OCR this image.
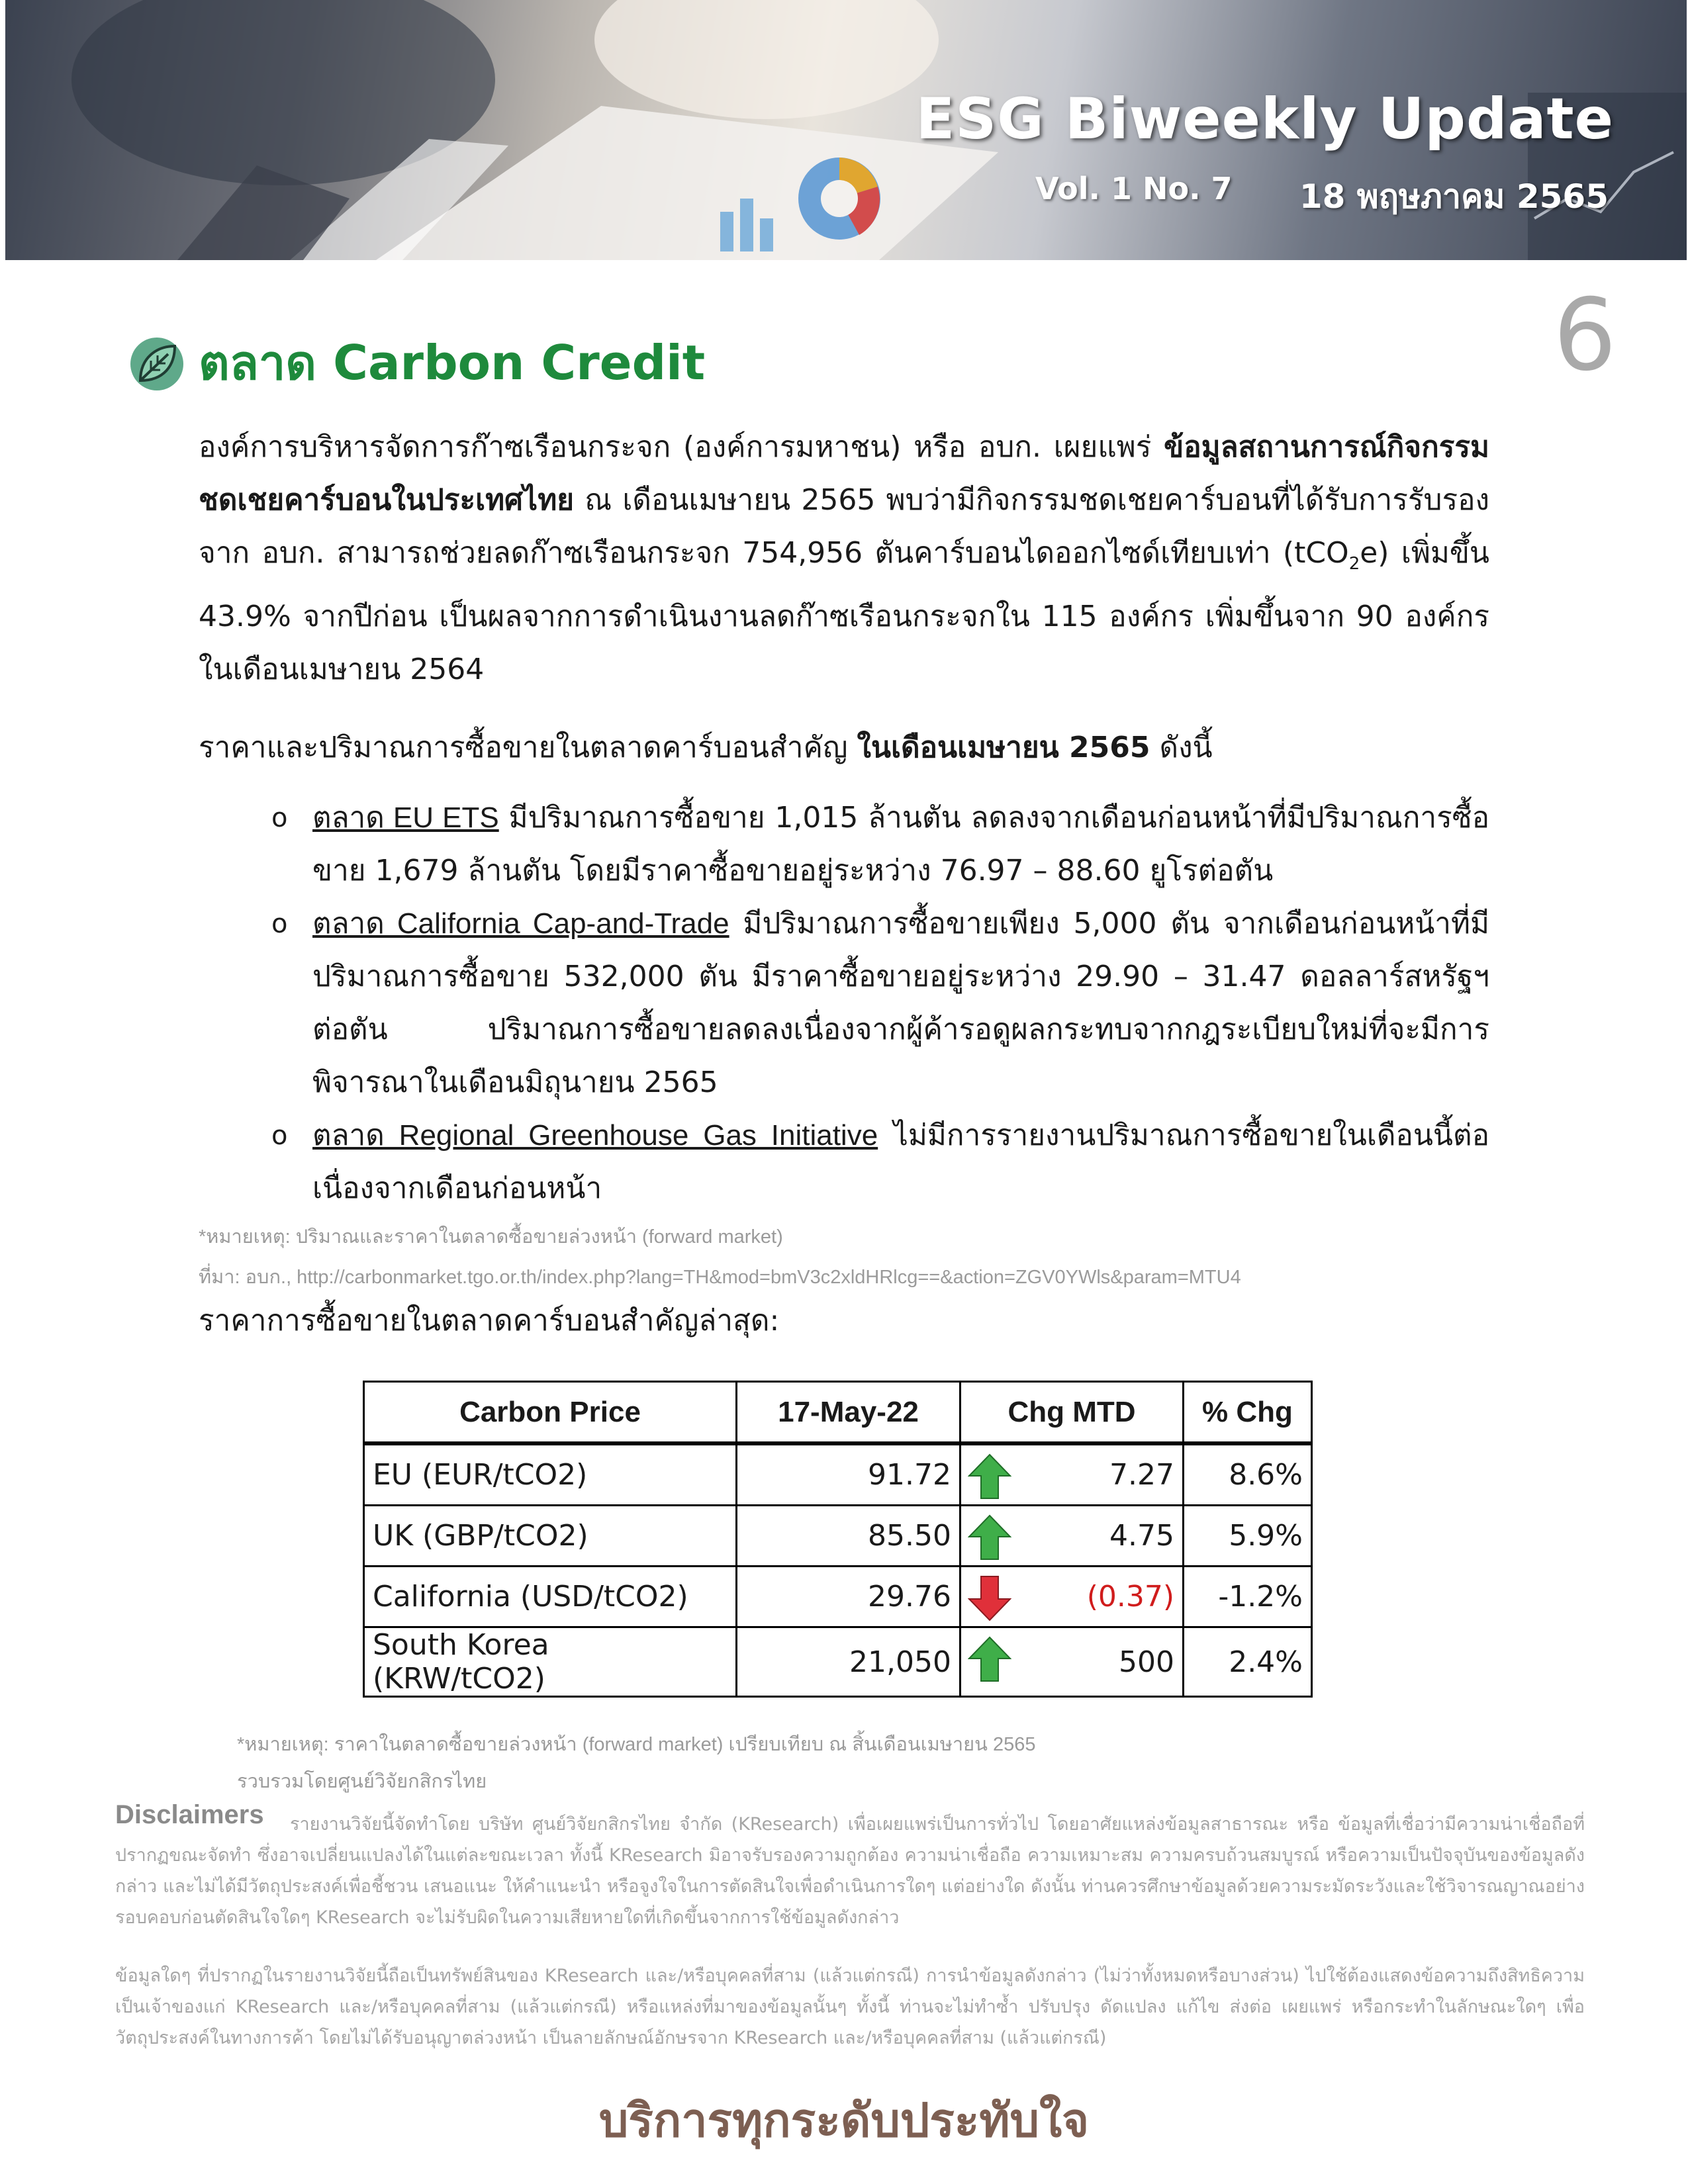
ESG Biweekly Update
Vol. 1 No. 7 18 พฤษภาคม 2565
6
ตลาด Carbon Credit
องค์การบริหารจัดการก๊าซเรือนกระจก (องค์การมหาชน) หรือ อบก. เผยแพร่ ข้อมูลสถานการณ์กิจกรรมชดเชยคาร์บอนในประเทศไทย ณ เดือนเมษายน 2565 พบว่ามีกิจกรรมชดเชยคาร์บอนที่ได้รับการรับรองจาก อบก. สามารถช่วยลดก๊าซเรือนกระจก 754,956 ตันคาร์บอนไดออกไซด์เทียบเท่า (tCO$_2$e) เพิ่มขึ้น 43.9% จากปีก่อน เป็นผลจากการดำเนินงานลดก๊าซเรือนกระจกใน 115 องค์กร เพิ่มขึ้นจาก 90 องค์กรในเดือนเมษายน 2564
ราคาและปริมาณการซื้อขายในตลาดคาร์บอนสำคัญ ในเดือนเมษายน 2565 ดังนี้
o ตลาด EU ETS มีปริมาณการซื้อขาย 1,015 ล้านตัน ลดลงจากเดือนก่อนหน้าที่มีปริมาณการซื้อขาย 1,679 ล้านตัน โดยมีราคาซื้อขายอยู่ระหว่าง 76.97 – 88.60 ยูโรต่อตัน
o ตลาด California Cap-and-Trade มีปริมาณการซื้อขายเพียง 5,000 ตัน จากเดือนก่อนหน้าที่มีปริมาณการซื้อขาย 532,000 ตัน มีราคาซื้อขายอยู่ระหว่าง 29.90 – 31.47 ดอลลาร์สหรัฐฯ ต่อตัน ปริมาณการซื้อขายลดลงเนื่องจากผู้ค้ารอดูผลกระทบจากกฎระเบียบใหม่ที่จะมีการพิจารณาในเดือนมิถุนายน 2565
o ตลาด Regional Greenhouse Gas Initiative ไม่มีการรายงานปริมาณการซื้อขายในเดือนนี้ต่อเนื่องจากเดือนก่อนหน้า
*หมายเหตุ: ปริมาณและราคาในตลาดซื้อขายล่วงหน้า (forward market)
ที่มา: อบก., http://carbonmarket.tgo.or.th/index.php?lang=TH&mod=bmV3c2xldHRlcg==&action=ZGV0YWls&param=MTU4
ราคาการซื้อขายในตลาดคาร์บอนสำคัญล่าสุด:
Carbon Price	17-May-22	Chg MTD	% Chg
EU (EUR/tCO2)	91.72	7.27	8.6%
UK (GBP/tCO2)	85.50	4.75	5.9%
California (USD/tCO2)	29.76	(0.37)	-1.2%
South Korea (KRW/tCO2)	21,050	500	2.4%
*หมายเหตุ: ราคาในตลาดซื้อขายล่วงหน้า (forward market) เปรียบเทียบ ณ สิ้นเดือนเมษายน 2565
รวบรวมโดยศูนย์วิจัยกสิกรไทย
Disclaimers	รายงานวิจัยนี้จัดทำโดย บริษัท ศูนย์วิจัยกสิกรไทย จำกัด (KResearch) เพื่อเผยแพร่เป็นการทั่วไป โดยอาศัยแหล่งข้อมูลสาธารณะ หรือ ข้อมูลที่เชื่อว่ามีความน่าเชื่อถือที่ปรากฏขณะจัดทำ ซึ่งอาจเปลี่ยนแปลงได้ในแต่ละขณะเวลา ทั้งนี้ KResearch มิอาจรับรองความถูกต้อง ความน่าเชื่อถือ ความเหมาะสม ความครบถ้วนสมบูรณ์ หรือความเป็นปัจจุบันของข้อมูลดังกล่าว และไม่ได้มีวัตถุประสงค์เพื่อชี้ชวน เสนอแนะ ให้คำแนะนำ หรือจูงใจในการตัดสินใจเพื่อดำเนินการใดๆ แต่อย่างใด ดังนั้น ท่านควรศึกษาข้อมูลด้วยความระมัดระวังและใช้วิจารณญาณอย่างรอบคอบก่อนตัดสินใจใดๆ KResearch จะไม่รับผิดในความเสียหายใดที่เกิดขึ้นจากการใช้ข้อมูลดังกล่าว
ข้อมูลใดๆ ที่ปรากฏในรายงานวิจัยนี้ถือเป็นทรัพย์สินของ KResearch และ/หรือบุคคลที่สาม (แล้วแต่กรณี) การนำข้อมูลดังกล่าว (ไม่ว่าทั้งหมดหรือบางส่วน) ไปใช้ต้องแสดงข้อความถึงสิทธิความเป็นเจ้าของแก่ KResearch และ/หรือบุคคลที่สาม (แล้วแต่กรณี) หรือแหล่งที่มาของข้อมูลนั้นๆ ทั้งนี้ ท่านจะไม่ทำซ้ำ ปรับปรุง ดัดแปลง แก้ไข ส่งต่อ เผยแพร่ หรือกระทำในลักษณะใดๆ เพื่อวัตถุประสงค์ในทางการค้า โดยไม่ได้รับอนุญาตล่วงหน้า เป็นลายลักษณ์อักษรจาก KResearch และ/หรือบุคคลที่สาม (แล้วแต่กรณี)
บริการทุกระดับประทับใจ
